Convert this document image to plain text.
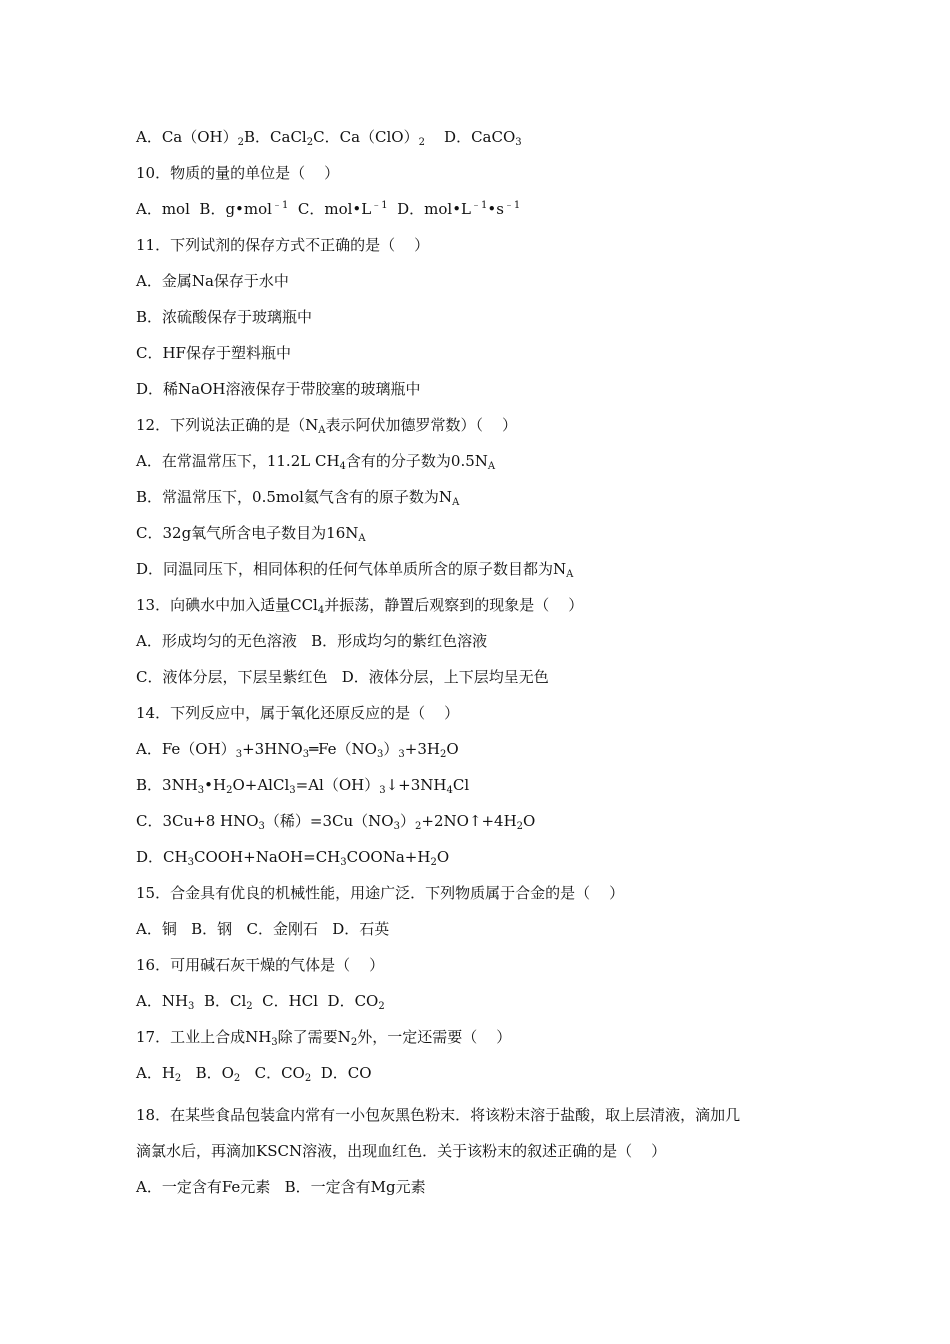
A．$Ca(OH)_2B$．CaCl$_2$C．$Ca(ClO)_2$    D．CaCO$_3$
10．物质的量的单位是（    ）
A．mol  B．g•mol$^{﹣1}$  C．$mol•L^{﹣1}$  D．$mol•L^{﹣1}•s^{﹣1}$
11．下列试剂的保存方式不正确的是（    ）
A．金属Na保存于水中
B．浓硫酸保存于玻璃瓶中
C．HF保存于塑料瓶中
D．稀NaOH溶液保存于带胶塞的玻璃瓶中
12．下列说法正确的是（$N_A$表示阿伏加德罗常数）（    ）
A．在常温常压下，11.2L $CH_4$含有的分子数为$0.5N_A$
B．常温常压下，0.5mol氦气含有的原子数为$N_A$
C．32g氧气所含电子数目为$16N_A$
D．同温同压下，相同体积的任何气体单质所含的原子数目都为$N_A$
13．向碘水中加入适量CCl$_4$并振荡，静置后观察到的现象是（    ）
A．形成均匀的无色溶液   B．形成均匀的紫红色溶液
C．液体分层，下层呈紫红色   D．液体分层，上下层均呈无色
14．下列反应中，属于氧化还原反应的是（    ）
A．$Fe(OH)_3+3HNO_3═Fe(NO_3)_3+3H_2O$
B．$3NH_3•H_2O+AlCl_3=Al(OH)_3↓+3NH_4Cl$
C．3Cu+8 $HNO_3$（稀）$=3Cu(NO_3)_2+2NO↑+4H_2O$
D．$CH_3COOH+NaOH=CH_3COONa+H_2O$
15．合金具有优良的机械性能，用途广泛．下列物质属于合金的是（    ）
A．铜   B．钢   C．金刚石   D．石英
16．可用碱石灰干燥的气体是（    ）
A．$NH_3$  B．$Cl_2$  C．HCl  D．$CO_2$
17．工业上合成$NH_3$除了需要$N_2$外，一定还需要（    ）
A．$H_2$   B．$O_2$   C．$CO_2$  D．CO
18．在某些食品包装盒内常有一小包灰黑色粉末．将该粉末溶于盐酸，取上层清液，滴加几
滴氯水后，再滴加KSCN溶液，出现血红色．关于该粉末的叙述正确的是（    ）
A．一定含有Fe元素   B．一定含有Mg元素
